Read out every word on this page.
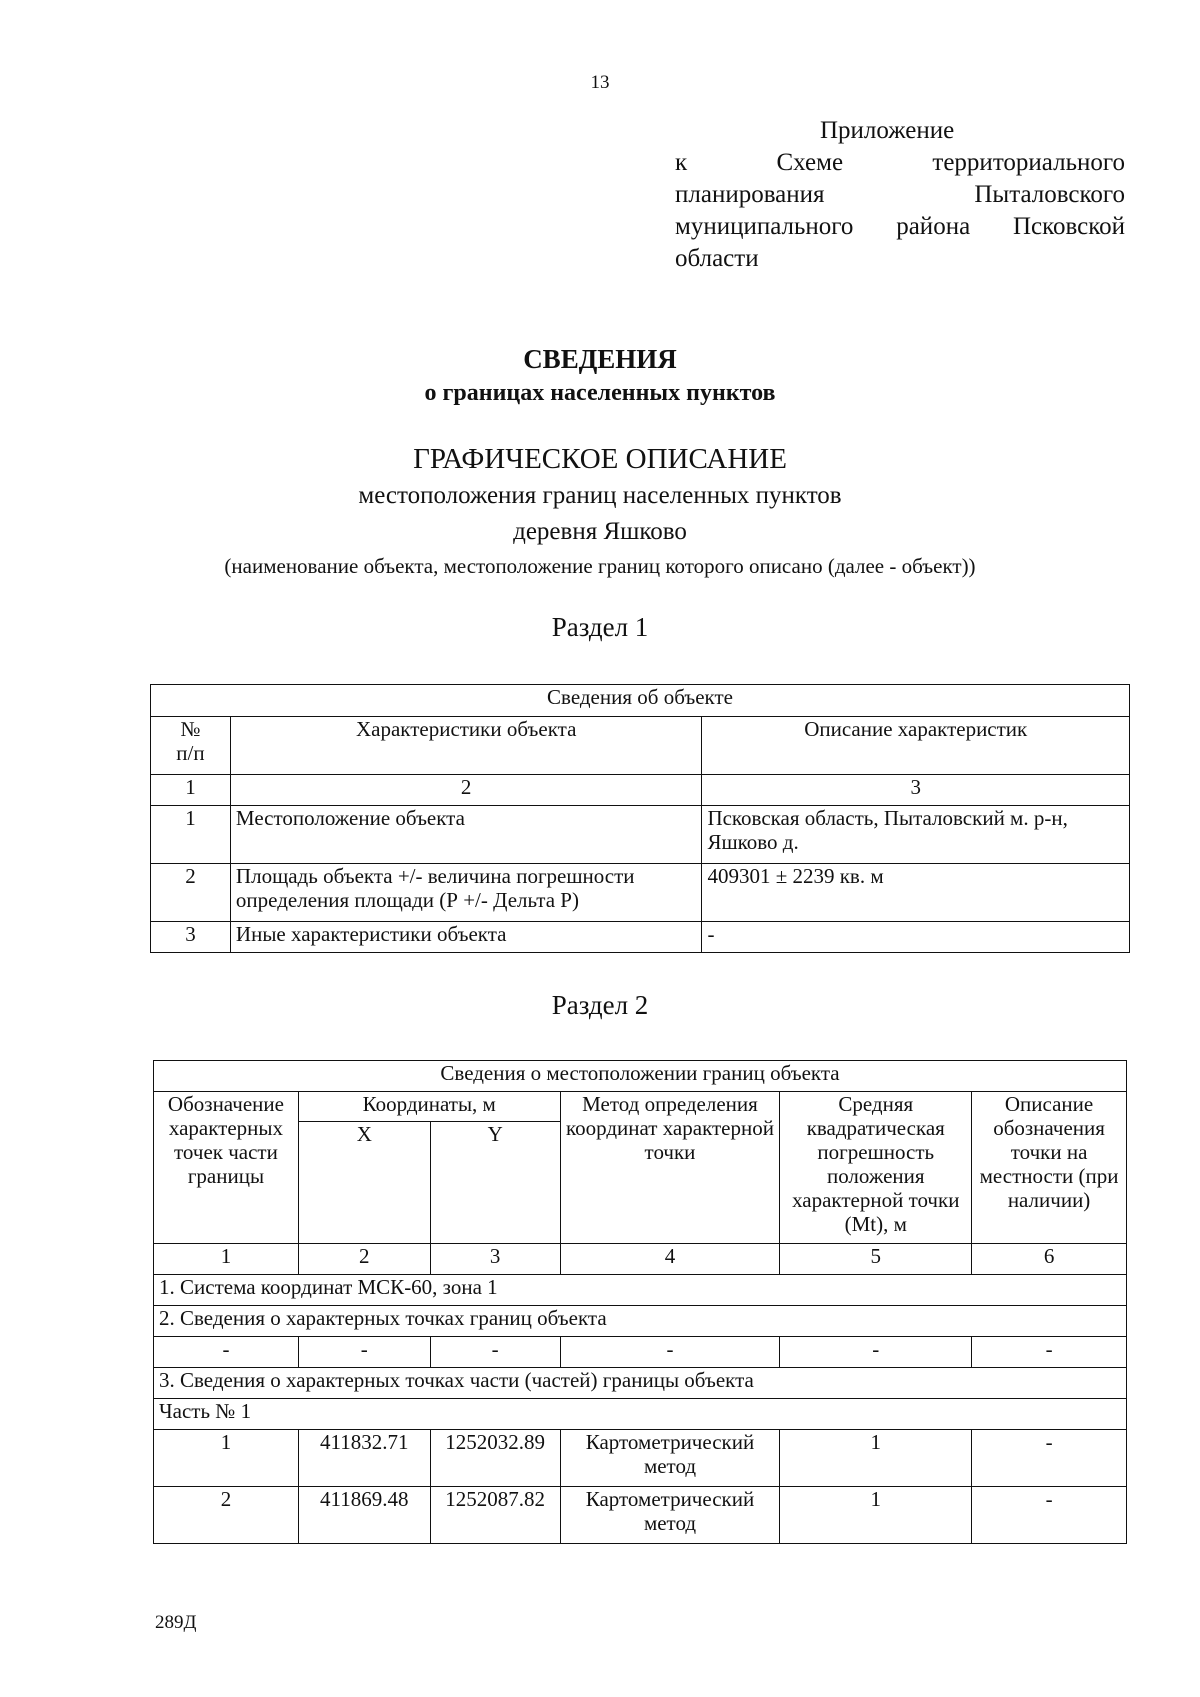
13
Приложение
к Схеме территориального
планирования Пыталовского
муниципального района Псковской
области
СВЕДЕНИЯ
о границах населенных пунктов
ГРАФИЧЕСКОЕ ОПИСАНИЕ
местоположения границ населенных пунктов
деревня Яшково
(наименование объекта, местоположение границ которого описано (далее - объект))
Раздел 1
Сведения об объекте		
№
п/п	Характеристики объекта	Описание характеристик
1	2	3
1	Местоположение объекта	Псковская область, Пыталовский м. р-н, Яшково д.
2	Площадь объекта +/- величина погрешности определения площади (Р +/- Дельта Р)	409301 ± 2239 кв. м
3	Иные характеристики объекта	-
Раздел 2
Сведения о местоположении границ объекта					
Обозначение характерных точек части границы	Координаты, м		Метод определения координат характерной точки	Средняя квадратическая погрешность положения характерной точки (Mt), м	Описание обозначения точки на местности (при наличии)
	X	Y			
1	2	3	4	5	6
1. Система координат МСК-60, зона 1					
2. Сведения о характерных точках границ объекта					
-	-	-	-	-	-
3. Сведения о характерных точках части (частей) границы объекта					
Часть № 1					
1	411832.71	1252032.89	Картометрический метод	1	-
2	411869.48	1252087.82	Картометрический метод	1	-
289Д
